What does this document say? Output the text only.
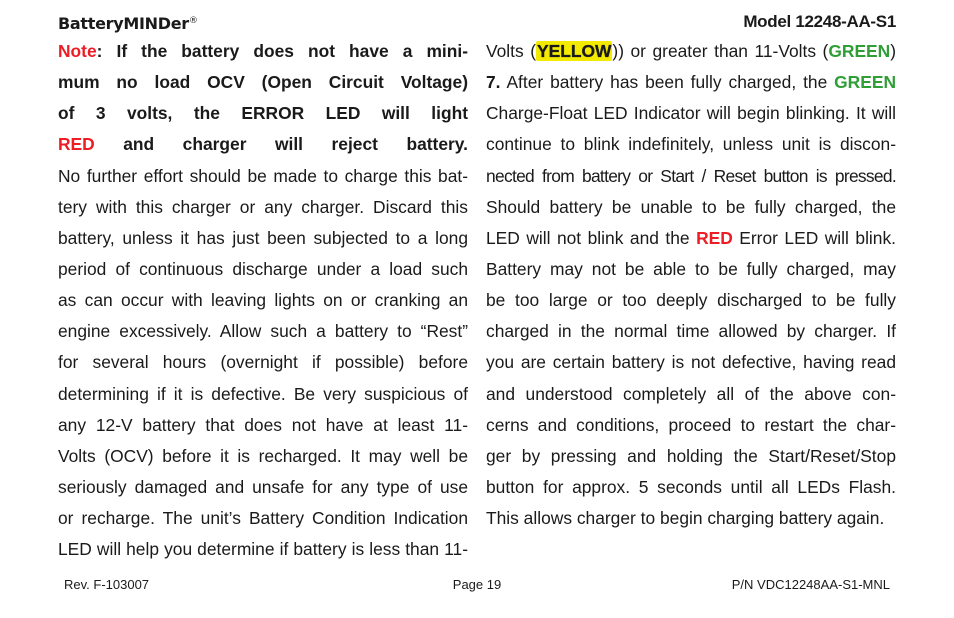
BatteryMINDer®	Model 12248-AA-S1
Note: If the battery does not have a mini-
mum no load OCV (Open Circuit Voltage)
of 3 volts, the ERROR LED will light
RED and charger will reject battery.
No further effort should be made to charge this bat-
tery with this charger or any charger. Discard this
battery, unless it has just been subjected to a long
period of continuous discharge under a load such
as can occur with leaving lights on or cranking an
engine excessively. Allow such a battery to “Rest”
for several hours (overnight if possible) before
determining if it is defective. Be very suspicious of
any 12-V battery that does not have at least 11-
Volts (OCV) before it is recharged. It may well be
seriously damaged and unsafe for any type of use
or recharge. The unit’s Battery Condition Indication
LED will help you determine if battery is less than 11-
Volts (YELLOW)) or greater than 11-Volts (GREEN)
7. After battery has been fully charged, the GREEN
Charge-Float LED Indicator will begin blinking. It will
continue to blink indefinitely, unless unit is discon-
nected from battery or Start / Reset button is pressed.
Should battery be unable to be fully charged, the
LED will not blink and the RED Error LED will blink.
Battery may not be able to be fully charged, may
be too large or too deeply discharged to be fully
charged in the normal time allowed by charger. If
you are certain battery is not defective, having read
and understood completely all of the above con-
cerns and conditions, proceed to restart the char-
ger by pressing and holding the Start/Reset/Stop
button for approx. 5 seconds until all LEDs Flash.
This allows charger to begin charging battery again.
Rev. F-103007	Page 19	P/N VDC12248AA-S1-MNL
